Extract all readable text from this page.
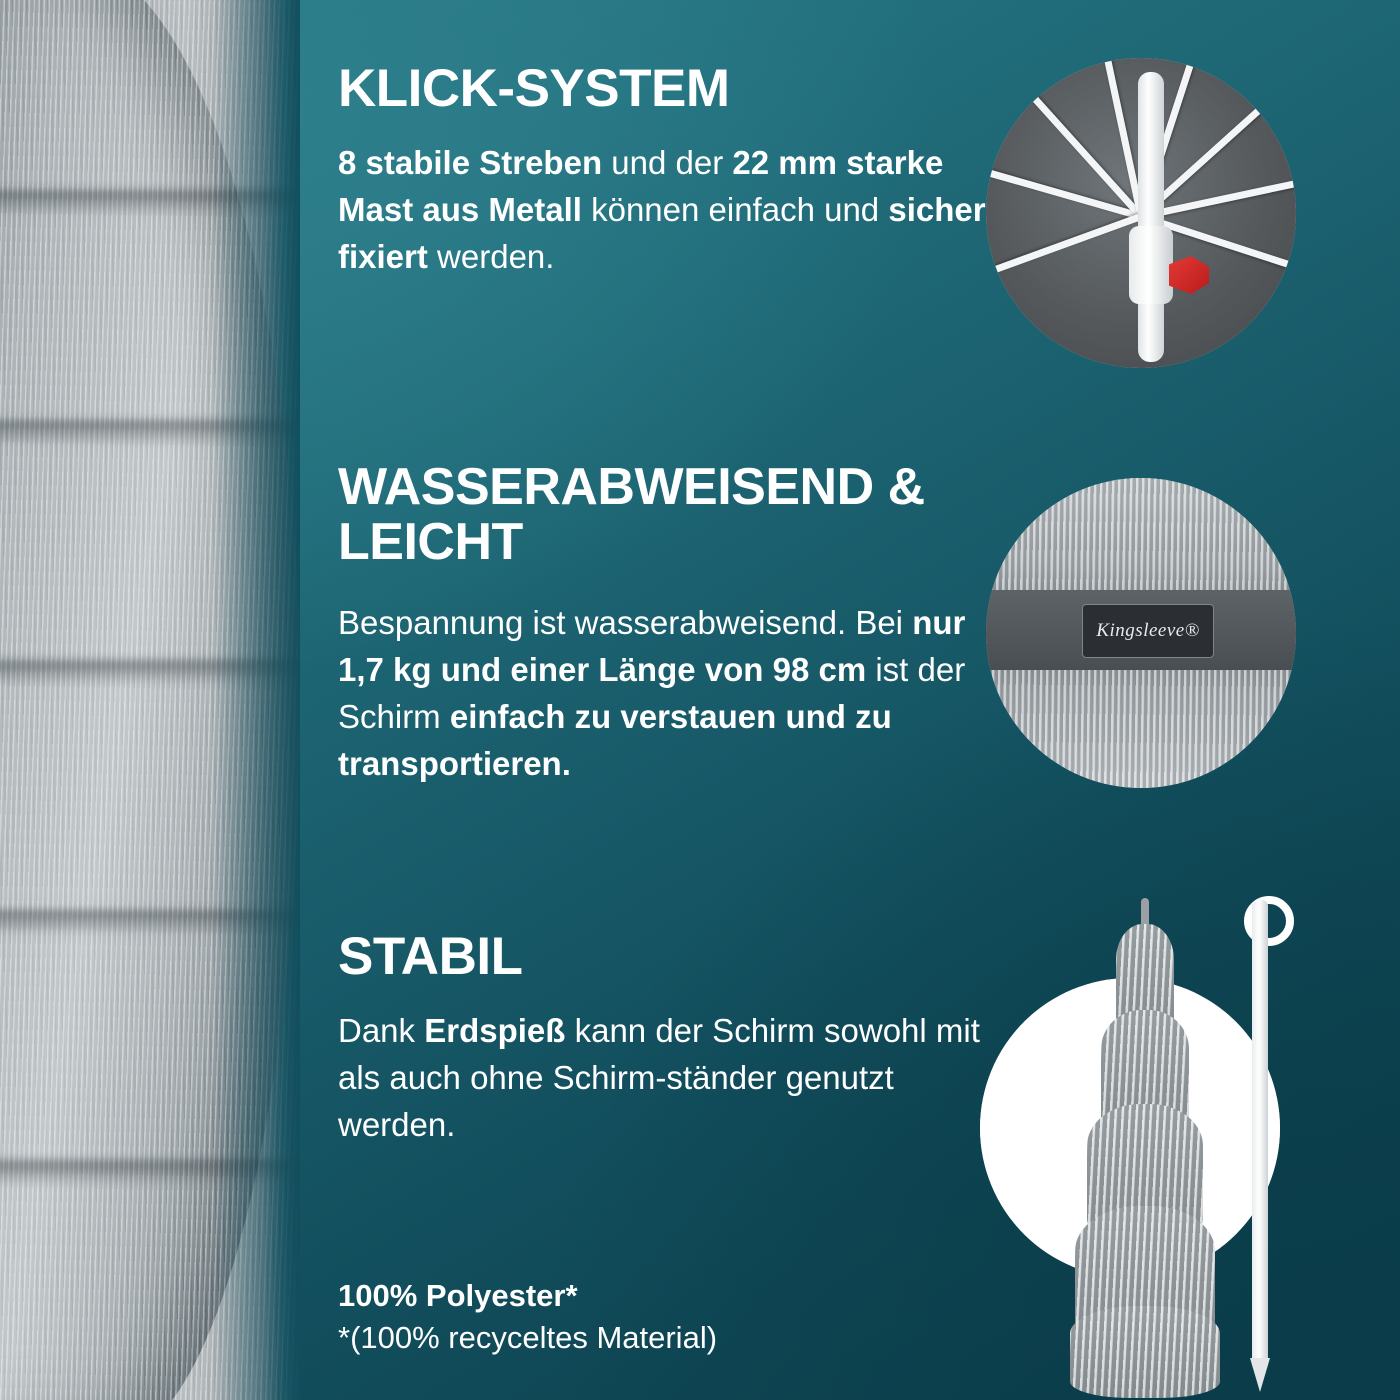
KLICK-SYSTEM

8 stabile Streben und der 22 mm starke Mast aus Metall können einfach und sicher fixiert werden.

WASSERABWEISEND & LEICHT

Bespannung ist wasserabweisend. Bei nur 1,7 kg und einer Länge von 98 cm ist der Schirm einfach zu verstauen und zu transportieren.

STABIL

Dank Erdspieß kann der Schirm sowohl mit als auch ohne Schirm-ständer genutzt werden.

100% Polyester*
*(100% recyceltes Material)
Kingsleeve®
